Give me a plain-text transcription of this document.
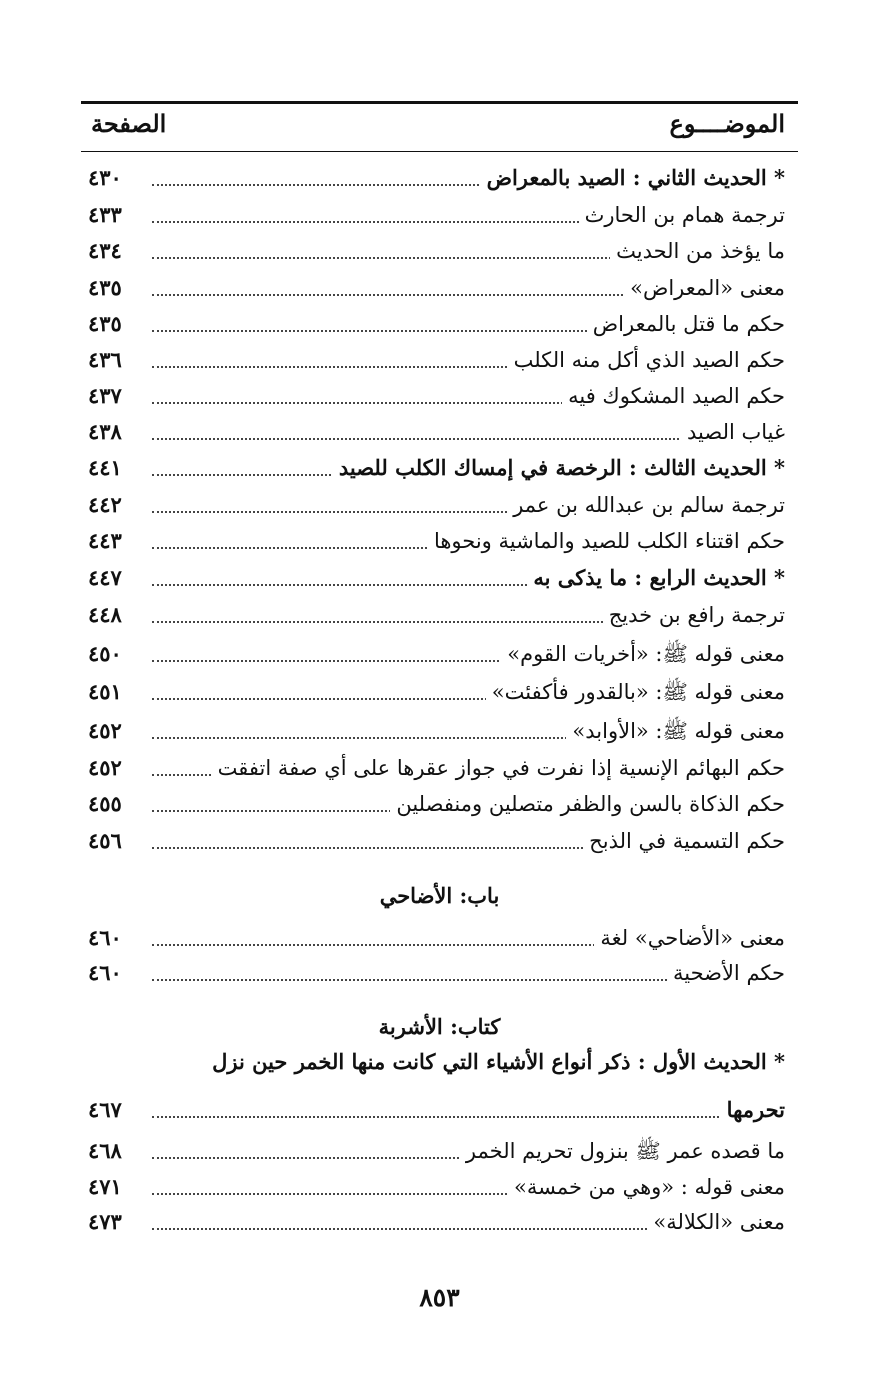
الموضــــوع
الصفحة
* الحديث الثاني : الصيد بالمعراض
٤٣٠
ترجمة همام بن الحارث
٤٣٣
ما يؤخذ من الحديث
٤٣٤
معنى «المعراض»
٤٣٥
حكم ما قتل بالمعراض
٤٣٥
حكم الصيد الذي أكل منه الكلب
٤٣٦
حكم الصيد المشكوك فيه
٤٣٧
غياب الصيد
٤٣٨
* الحديث الثالث : الرخصة في إمساك الكلب للصيد
٤٤١
ترجمة سالم بن عبدالله بن عمر
٤٤٢
حكم اقتناء الكلب للصيد والماشية ونحوها
٤٤٣
* الحديث الرابع : ما يذكى به
٤٤٧
ترجمة رافع بن خديج
٤٤٨
معنى قوله ﷺ: «أخريات القوم»
٤٥٠
معنى قوله ﷺ: «بالقدور فأكفئت»
٤٥١
معنى قوله ﷺ: «الأوابد»
٤٥٢
حكم البهائم الإنسية إذا نفرت في جواز عقرها على أي صفة اتفقت
٤٥٢
حكم الذكاة بالسن والظفر متصلين ومنفصلين
٤٥٥
حكم التسمية في الذبح
٤٥٦
باب: الأضاحي
معنى «الأضاحي» لغة
٤٦٠
حكم الأضحية
٤٦٠
كتاب: الأشربة
* الحديث الأول : ذكر أنواع الأشياء التي كانت منها الخمر حين نزل
تحرمها
٤٦٧
ما قصده عمر ﷺ بنزول تحريم الخمر
٤٦٨
معنى قوله : «وهي من خمسة»
٤٧١
معنى «الكلالة»
٤٧٣
٨٥٣
